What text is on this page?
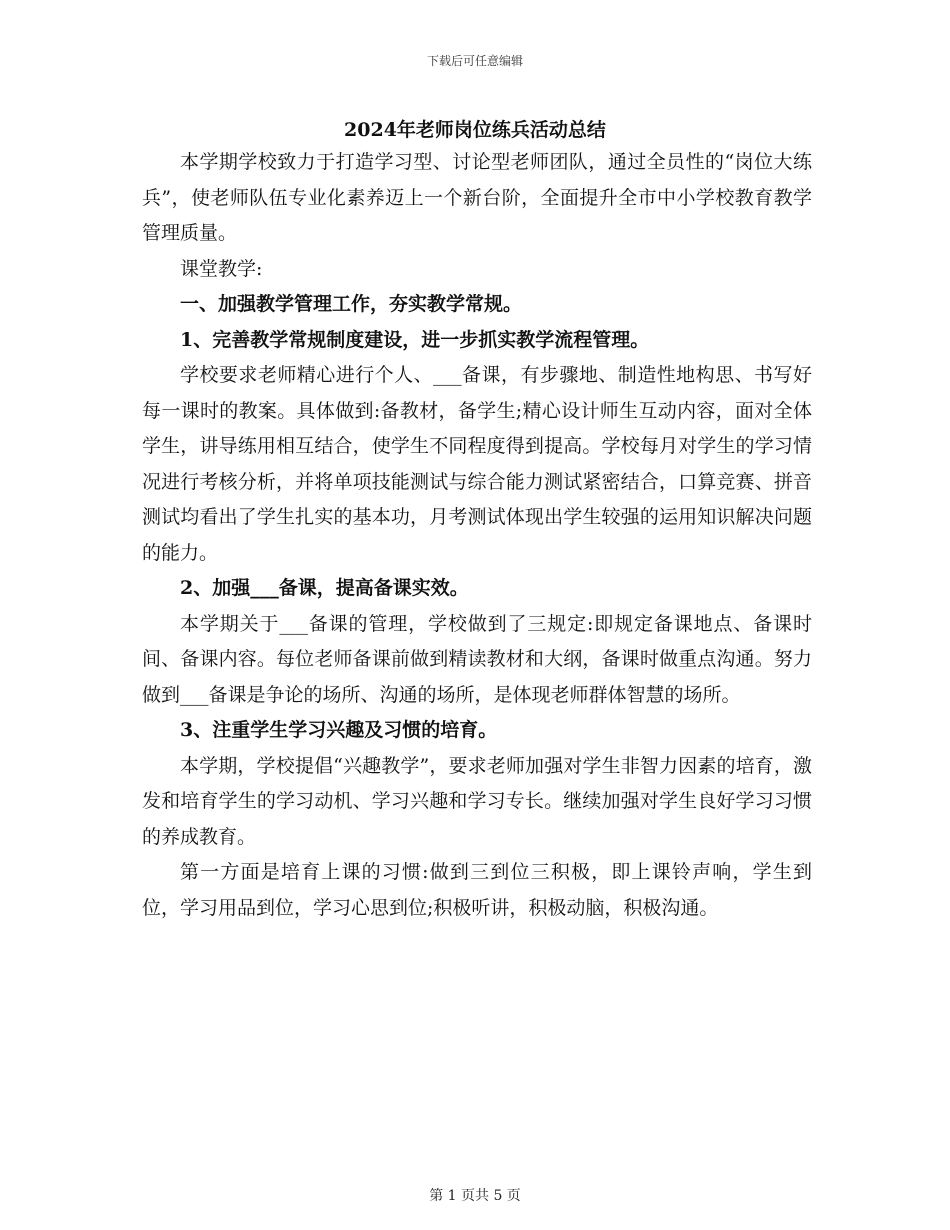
下载后可任意编辑
2024年老师岗位练兵活动总结

本学期学校致力于打造学习型、讨论型老师团队，通过全员性的“岗位大练兵”，使老师队伍专业化素养迈上一个新台阶，全面提升全市中小学校教育教学管理质量。

课堂教学:

一、加强教学管理工作，夯实教学常规。

1、完善教学常规制度建设，进一步抓实教学流程管理。

学校要求老师精心进行个人、___备课，有步骤地、制造性地构思、书写好每一课时的教案。具体做到:备教材，备学生;精心设计师生互动内容，面对全体学生，讲导练用相互结合，使学生不同程度得到提高。学校每月对学生的学习情况进行考核分析，并将单项技能测试与综合能力测试紧密结合，口算竞赛、拼音测试均看出了学生扎实的基本功，月考测试体现出学生较强的运用知识解决问题的能力。

2、加强___备课，提高备课实效。

本学期关于___备课的管理，学校做到了三规定:即规定备课地点、备课时间、备课内容。每位老师备课前做到精读教材和大纲，备课时做重点沟通。努力做到___备课是争论的场所、沟通的场所，是体现老师群体智慧的场所。

3、注重学生学习兴趣及习惯的培育。

本学期，学校提倡“兴趣教学”，要求老师加强对学生非智力因素的培育，激发和培育学生的学习动机、学习兴趣和学习专长。继续加强对学生良好学习习惯的养成教育。

第一方面是培育上课的习惯:做到三到位三积极，即上课铃声响，学生到位，学习用品到位，学习心思到位;积极听讲，积极动脑，积极沟通。

第 1 页共 5 页
